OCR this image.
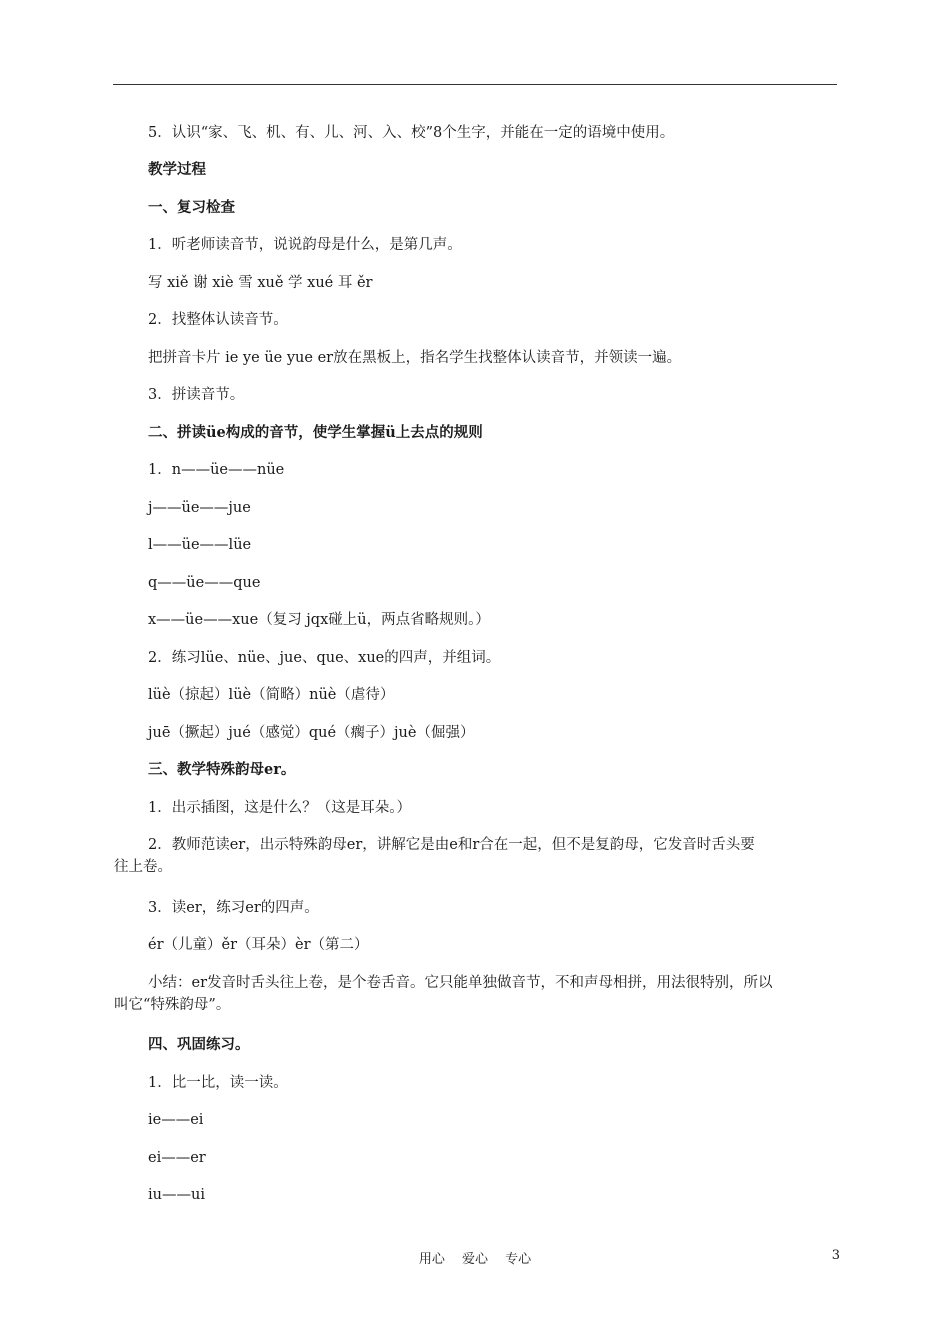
5．认识“家、飞、机、有、儿、河、入、校”8个生字，并能在一定的语境中使用。

教学过程

一、复习检查

1．听老师读音节，说说韵母是什么，是第几声。

写 xiě 谢 xiè 雪 xuě 学 xué 耳 ěr

2．找整体认读音节。

把拼音卡片 ie ye üe yue er放在黑板上，指名学生找整体认读音节，并领读一遍。

3．拼读音节。

二、拼读üe构成的音节，使学生掌握ü上去点的规则

1．n——üe——nüe

j——üe——jue

l——üe——lüe

q——üe——que

x——üe——xue（复习 jqx碰上ü，两点省略规则。）

2．练习lüe、nüe、jue、que、xue的四声，并组词。

lüè（掠起）lüè（简略）nüè（虐待）

juē（撅起）jué（感觉）qué（瘸子）juè（倔强）

三、教学特殊韵母er。

1．出示插图，这是什么？（这是耳朵。）

2．教师范读er，出示特殊韵母er，讲解它是由e和r合在一起，但不是复韵母，它发音时舌头要

往上卷。

3．读er，练习er的四声。

ér（儿童）ěr（耳朵）èr（第二）

小结：er发音时舌头往上卷，是个卷舌音。它只能单独做音节，不和声母相拼，用法很特别，所以

叫它“特殊韵母”。

四、巩固练习。

1．比一比，读一读。

ie——ei

ei——er

iu——ui

用心　 爱心　 专心	3
